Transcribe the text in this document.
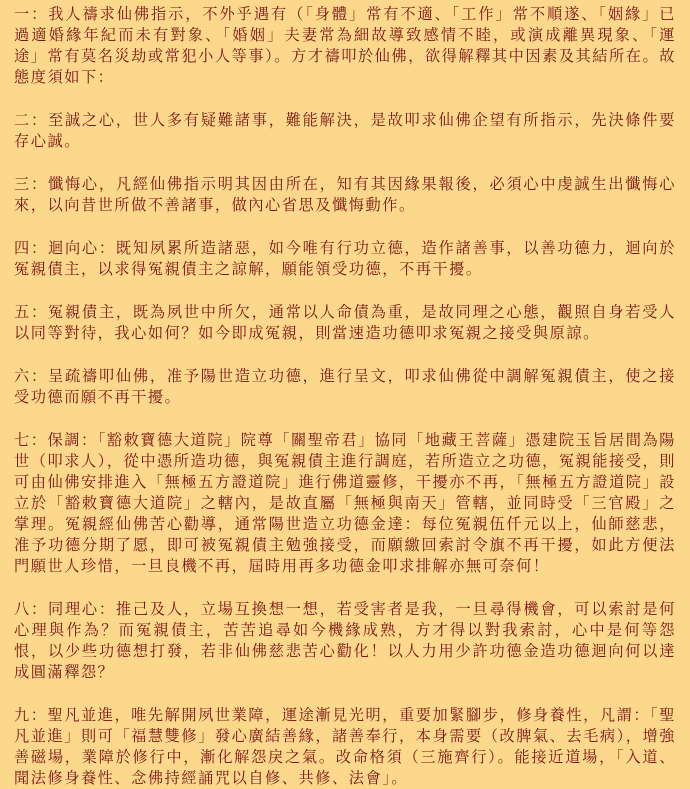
一：我人禱求仙佛指示，不外乎遇有（「身體」常有不適、「工作」常不順遂、「姻緣」已過適婚緣年紀而未有對象、「婚姻」夫妻常為細故導致感情不睦，或演成離異現象、「運途」常有莫名災劫或常犯小人等事）。方才禱叩於仙佛，欲得解釋其中因素及其結所在。故態度須如下：

二：至誠之心，世人多有疑難諸事，難能解決，是故叩求仙佛企望有所指示，先決條件要存心誠。

三：懺悔心，凡經仙佛指示明其因由所在，知有其因緣果報後，必須心中虔誠生出懺悔心來，以向昔世所做不善諸事，做內心省思及懺悔動作。

四：迴向心：既知夙累所造諸惡，如今唯有行功立德，造作諸善事，以善功德力，迴向於冤親債主，以求得冤親債主之諒解，願能領受功德，不再干擾。

五：冤親債主，既為夙世中所欠，通常以人命債為重，是故同理之心態，觀照自身若受人以同等對待，我心如何？如今即成冤親，則當速造功德叩求冤親之接受與原諒。

六：呈疏禱叩仙佛，准予陽世造立功德，進行呈文，叩求仙佛從中調解冤親債主，使之接受功德而願不再干擾。

七：保調：「豁敕寶德大道院」院尊「關聖帝君」協同「地藏王菩薩」憑建院玉旨居間為陽世（叩求人），從中憑所造功德，與冤親債主進行調庭，若所造立之功德，冤親能接受，則可由仙佛安排進入「無極五方證道院」進行佛道靈修，干擾亦不再，「無極五方證道院」設立於「豁敕寶德大道院」之轄內，是故直屬「無極與南天」管轄，並同時受「三官殿」之掌理。冤親經仙佛苦心勸導，通常陽世造立功德金達：每位冤親伍仟元以上，仙師慈悲，准予功德分期了愿，即可被冤親債主勉強接受，而願繳回索討令旗不再干擾，如此方便法門願世人珍惜，一旦良機不再，屆時用再多功德金叩求排解亦無可奈何！

八：同理心：推己及人，立場互換想一想，若受害者是我，一旦尋得機會，可以索討是何心理與作為？而冤親債主，苦苦追尋如今機緣成熟，方才得以對我索討，心中是何等怨恨，以少些功德想打發，若非仙佛慈悲苦心勸化！以人力用少許功德金造功德迴向何以達成圓滿釋怨？

九：聖凡並進，唯先解開夙世業障，運途漸見光明，重要加緊腳步，修身養性，凡謂：「聖凡並進」則可「福慧雙修」發心廣結善緣，諸善奉行，本身需要（改脾氣、去毛病），增強善磁場，業障於修行中，漸化解怨戾之氣。改命格須（三施齊行）。能接近道場，「入道、聞法修身養性、念佛持經誦咒以自修、共修、法會」。
